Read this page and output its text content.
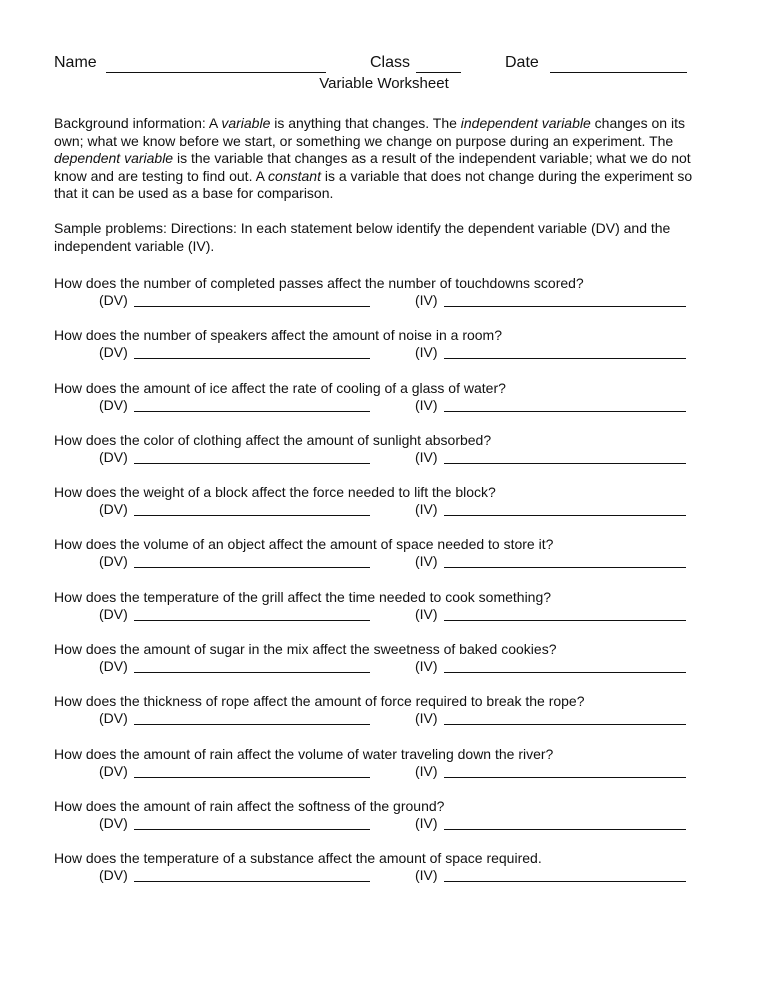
Name	Class	Date
Variable Worksheet
Background information: A variable is anything that changes. The independent variable changes on its own; what we know before we start, or something we change on purpose during an experiment. The dependent variable is the variable that changes as a result of the independent variable; what we do not know and are testing to find out. A constant is a variable that does not change during the experiment so that it can be used as a base for comparison.
Sample problems: Directions: In each statement below identify the dependent variable (DV) and the independent variable (IV).
How does the number of completed passes affect the number of touchdowns scored?
(DV)	(IV)
How does the number of speakers affect the amount of noise in a room?
(DV)	(IV)
How does the amount of ice affect the rate of cooling of a glass of water?
(DV)	(IV)
How does the color of clothing affect the amount of sunlight absorbed?
(DV)	(IV)
How does the weight of a block affect the force needed to lift the block?
(DV)	(IV)
How does the volume of an object affect the amount of space needed to store it?
(DV)	(IV)
How does the temperature of the grill affect the time needed to cook something?
(DV)	(IV)
How does the amount of sugar in the mix affect the sweetness of baked cookies?
(DV)	(IV)
How does the thickness of rope affect the amount of force required to break the rope?
(DV)	(IV)
How does the amount of rain affect the volume of water traveling down the river?
(DV)	(IV)
How does the amount of rain affect the softness of the ground?
(DV)	(IV)
How does the temperature of a substance affect the amount of space required.
(DV)	(IV)
